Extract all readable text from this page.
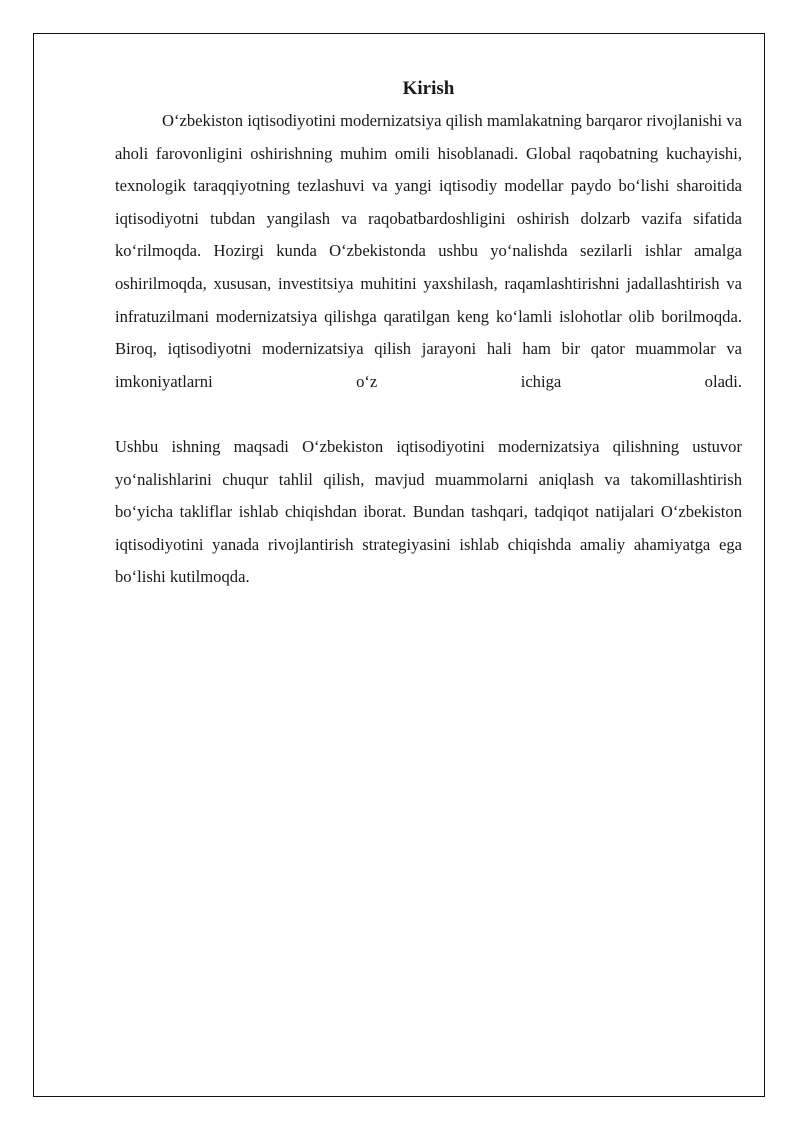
Kirish

O‘zbekiston iqtisodiyotini modernizatsiya qilish mamlakatning barqaror rivojlanishi va aholi farovonligini oshirishning muhim omili hisoblanadi. Global raqobatning kuchayishi, texnologik taraqqiyotning tezlashuvi va yangi iqtisodiy modellar paydo bo‘lishi sharoitida iqtisodiyotni tubdan yangilash va raqobatbardoshligini oshirish dolzarb vazifa sifatida ko‘rilmoqda. Hozirgi kunda O‘zbekistonda ushbu yo‘nalishda sezilarli ishlar amalga oshirilmoqda, xususan, investitsiya muhitini yaxshilash, raqamlashtirishni jadallashtirish va infratuzilmani modernizatsiya qilishga qaratilgan keng ko‘lamli islohotlar olib borilmoqda. Biroq, iqtisodiyotni modernizatsiya qilish jarayoni hali ham bir qator muammolar va imkoniyatlarni o‘z ichiga oladi.

Ushbu ishning maqsadi O‘zbekiston iqtisodiyotini modernizatsiya qilishning ustuvor yo‘nalishlarini chuqur tahlil qilish, mavjud muammolarni aniqlash va takomillashtirish bo‘yicha takliflar ishlab chiqishdan iborat. Bundan tashqari, tadqiqot natijalari O‘zbekiston iqtisodiyotini yanada rivojlantirish strategiyasini ishlab chiqishda amaliy ahamiyatga ega bo‘lishi kutilmoqda.
